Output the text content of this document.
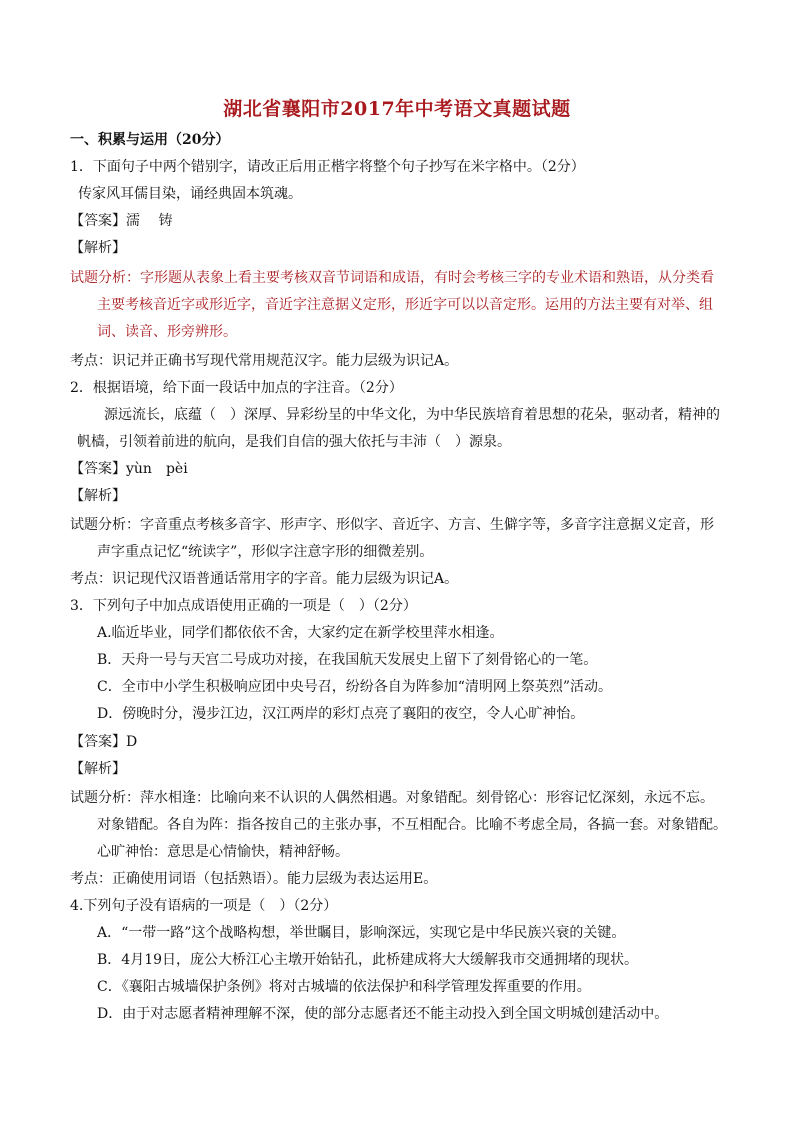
湖北省襄阳市2017年中考语文真题试题
一、积累与运用（20分）
1．下面句子中两个错别字，请改正后用正楷字将整个句子抄写在米字格中。（2分）
传家风耳儒目染，诵经典固本筑魂。
【答案】濡　 铸
【解析】
试题分析：字形题从表象上看主要考核双音节词语和成语，有时会考核三字的专业术语和熟语，从分类看
主要考核音近字或形近字，音近字注意据义定形，形近字可以以音定形。运用的方法主要有对举、组
词、读音、形旁辨形。
考点：识记并正确书写现代常用规范汉字。能力层级为识记A。
2．根据语境，给下面一段话中加点的字注音。（2分）
源远流长，底蕴（　）深厚、异彩纷呈的中华文化，为中华民族培育着思想的花朵，驱动者，精神的
帆樯，引领着前进的航向，是我们自信的强大依托与丰沛（　）源泉。
【答案】yùn　pèi
【解析】
试题分析：字音重点考核多音字、形声字、形似字、音近字、方言、生僻字等，多音字注意据义定音，形
声字重点记忆“统读字”，形似字注意字形的细微差别。
考点：识记现代汉语普通话常用字的字音。能力层级为识记A。
3．下列句子中加点成语使用正确的一项是（　）（2分）
A.临近毕业，同学们都依依不舍，大家约定在新学校里萍水相逢。
B．天舟一号与天宫二号成功对接，在我国航天发展史上留下了刻骨铭心的一笔。
C．全市中小学生积极响应团中央号召，纷纷各自为阵参加“清明网上祭英烈”活动。
D．傍晚时分，漫步江边，汉江两岸的彩灯点亮了襄阳的夜空，令人心旷神怡。
【答案】D
【解析】
试题分析：萍水相逢：比喻向来不认识的人偶然相遇。对象错配。刻骨铭心：形容记忆深刻，永远不忘。
对象错配。各自为阵：指各按自己的主张办事，不互相配合。比喻不考虑全局，各搞一套。对象错配。
心旷神怡：意思是心情愉快，精神舒畅。
考点：正确使用词语（包括熟语）。能力层级为表达运用E。
4.下列句子没有语病的一项是（　）（2分）
A．“一带一路”这个战略构想，举世瞩目，影响深远，实现它是中华民族兴衰的关键。
B．4月19日，庞公大桥江心主墩开始钻孔，此桥建成将大大缓解我市交通拥堵的现状。
C．《襄阳古城墙保护条例》将对古城墙的依法保护和科学管理发挥重要的作用。
D．由于对志愿者精神理解不深，使的部分志愿者还不能主动投入到全国文明城创建活动中。
